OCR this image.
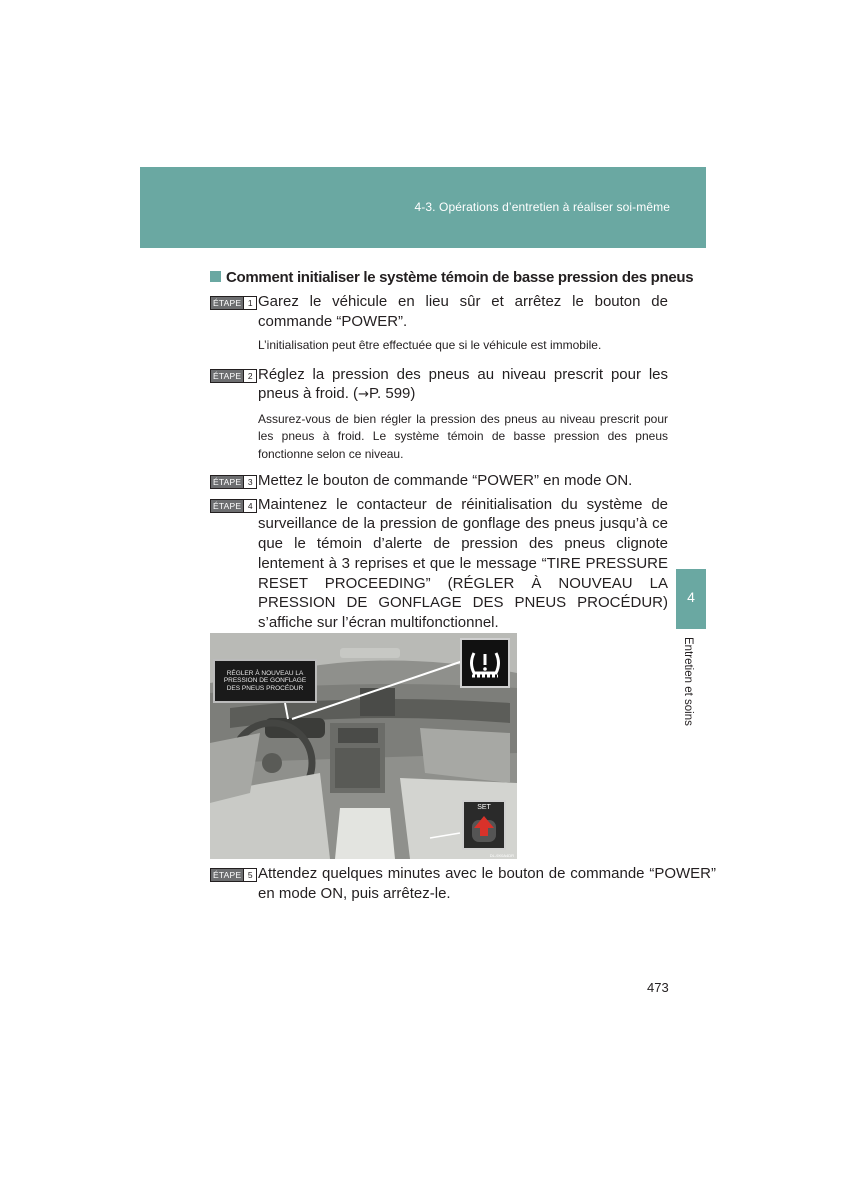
4-3. Opérations d’entretien à réaliser soi-même
4
Entretien et soins
Comment initialiser le système témoin de basse pression des pneus
ÉTAPE 1 Garez le véhicule en lieu sûr et arrêtez le bouton de commande “POWER”.
L’initialisation peut être effectuée que si le véhicule est immobile.
ÉTAPE 2 Réglez la pression des pneus au niveau prescrit pour les pneus à froid. (→P. 599)
Assurez-vous de bien régler la pression des pneus au niveau prescrit pour les pneus à froid. Le système témoin de basse pression des pneus fonctionne selon ce niveau.
ÉTAPE 3 Mettez le bouton de commande “POWER” en mode ON.
ÉTAPE 4 Maintenez le contacteur de réinitialisation du système de surveillance de la pression de gonflage des pneus jusqu’à ce que le témoin d’alerte de pression des pneus clignote lentement à 3 reprises et que le message “TIRE PRESSURE RESET PROCEEDING” (RÉGLER À NOUVEAU LA PRESSION DE GONFLAGE DES PNEUS PROCÉDUR) s’affiche sur l’écran multifonctionnel.
RÉGLER À NOUVEAU LA PRESSION DE GONFLAGE DES PNEUS PROCÉDUR
SET
DL-9X0A4DR
ÉTAPE 5 Attendez quelques minutes avec le bouton de commande “POWER” en mode ON, puis arrêtez-le.
473
